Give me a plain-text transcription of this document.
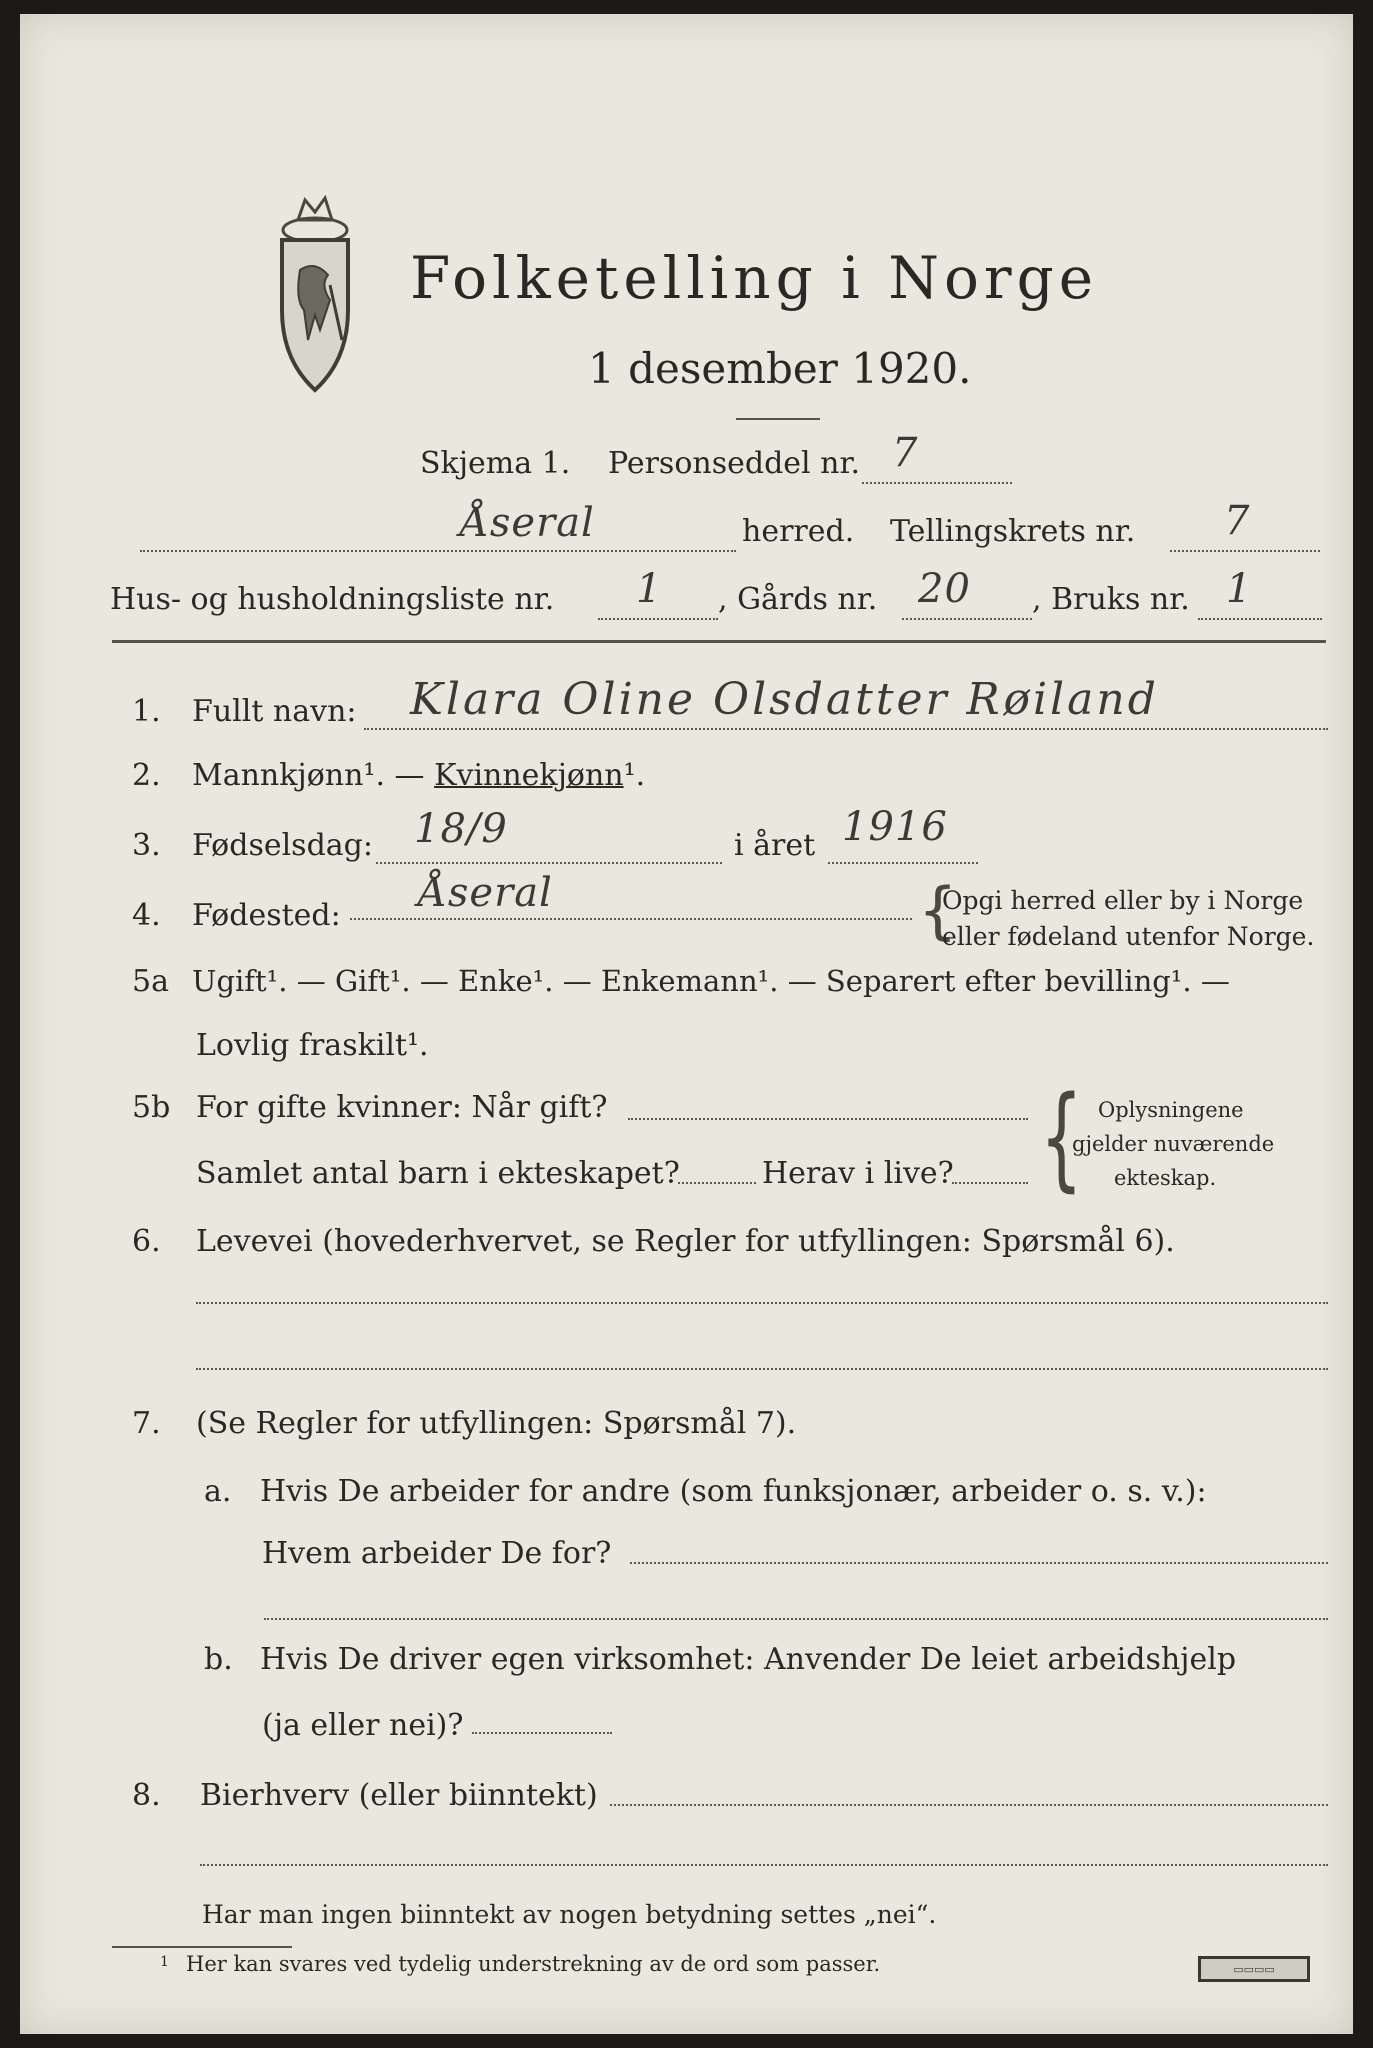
Folketelling i Norge
1 desember 1920.
Skjema 1. Personseddel nr. 7
Åseral	herred. Tellingskrets nr. 7
Hus- og husholdningsliste nr. 1 , Gårds nr. 20 , Bruks nr. 1
1. Fullt navn: Klara Oline Olsdatter Røiland
2. Mannkjønn¹. — Kvinnekjønn¹.
3. Fødselsdag: 18/9	i året 1916
4. Fødested: Åseral	{
Opgi herred eller by i Norge
eller fødeland utenfor Norge.
5a Ugift¹. — Gift¹. — Enke¹. — Enkemann¹. — Separert efter bevilling¹. —
Lovlig fraskilt¹.
5b For gifte kvinner: Når gift?
Samlet antal barn i ekteskapet?	Herav i live? { Oplysningene
gjelder nuværende
ekteskap.
6. Levevei (hovederhvervet, se Regler for utfyllingen: Spørsmål 6).
7. (Se Regler for utfyllingen: Spørsmål 7).
a. Hvis De arbeider for andre (som funksjonær, arbeider o. s. v.):
Hvem arbeider De for?
b. Hvis De driver egen virksomhet: Anvender De leiet arbeidshjelp
(ja eller nei)?
8. Bierhverv (eller biinntekt)
Har man ingen biinntekt av nogen betydning settes „nei“.
1 Her kan svares ved tydelig understrekning av de ord som passer.	▭▭▭▭
